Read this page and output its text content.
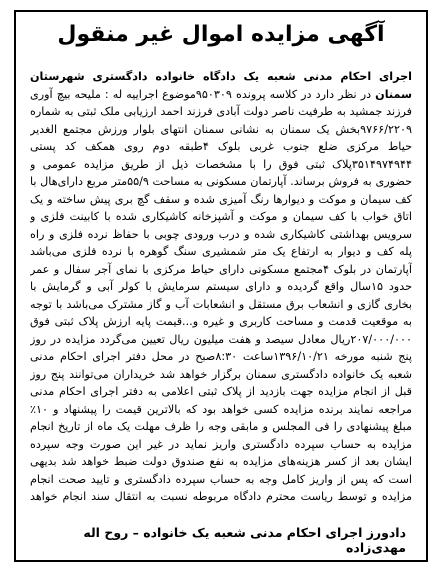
آگهی مزایده اموال غیر منقول
اجرای احکام مدنی شعبه یک دادگاه خانواده دادگستری شهرستان سمنان در نظر دارد در کلاسه پرونده ۹۵۰۳۰۹موضوع اجراییه له : ملیحه بیچ آوری فرزند جمشید به طرفیت ناصر دولت آبادی فرزند احمد ارزیابی ملک ثبتی به شماره ۹۷۶۶/۲۲۰۹بخش یک سمنان به نشانی سمنان انتهای بلوار ورزش مجتمع الغدیر حیاط مرکزی ضلع جنوب غربی بلوک ۴طبقه دوم روی همکف کد پستی ۳۵۱۴۹۷۴۹۴۴پلاک ثبتی فوق را با مشخصات ذیل از طریق مزایده عمومی و حضوری به فروش برساند. آپارتمان مسکونی به مساحت ۵۵/۹متر مربع دارای‌هال با کف سیمان و موکت و دیوارها رنگ آمیزی شده و سقف گچ بری پیش ساخته و یک اتاق خواب با کف سیمان و موکت و آشپزخانه کاشیکاری شده با کابینت فلزی و سرویس بهداشتی کاشیکاری شده و درب ورودی چوبی با حفاظ نرده فلزی و راه پله کف و دیوار به ارتفاع یک متر شمشیری سنگ گوهره با نرده فلزی می‌باشد آپارتمان در بلوک ۴مجتمع مسکونی دارای حیاط مرکزی با نمای آجر سفال و عمر حدود ۱۵سال واقع گردیده و دارای سیستم سرمایش با کولر آبی و گرمایش با بخاری گازی و انشعاب برق مستقل و انشعابات آب و گاز مشترک می‌باشد با توجه به موقعیت قدمت و مساحت کاربری و غیره و...قیمت پایه ارزش پلاک ثبتی فوق ۲۰۷/۰۰۰/۰۰۰ریال معادل سیصد و هفت میلیون ریال تعیین می‌گردد مزایده در روز پنج شنبه مورخه ۱۳۹۶/۱۰/۲۱ساعت ۸:۳۰صبح در محل دفتر اجرای احکام مدنی شعبه یک خانواده دادگستری سمنان برگزار خواهد شد خریداران می‌توانند پنج روز قبل از انجام مزایده جهت بازدید از پلاک ثبتی اعلامی به دفتر اجرای احکام مدنی مراجعه نمایند برنده مزایده کسی خواهد بود که بالاترین قیمت را پیشنهاد و ۱۰٪ مبلغ پیشنهادی را فی المجلس و مابقی وجه را ظرف مهلت یک ماه از تاریخ انجام مزایده به حساب سپرده دادگستری واریز نماید در غیر این صورت وجه سپرده ایشان بعد از کسر هزینه‌های مزایده به نفع صندوق دولت ضبط خواهد شد بدیهی است که پس از واریز کامل وجه به حساب سپرده دادگستری و تایید صحت انجام مزایده و توسط ریاست محترم دادگاه مربوطه نسبت به انتقال سند انجام خواهد
دادورز اجرای احکام مدنی شعبه یک خانواده – روح اله مهدی‌زاده
